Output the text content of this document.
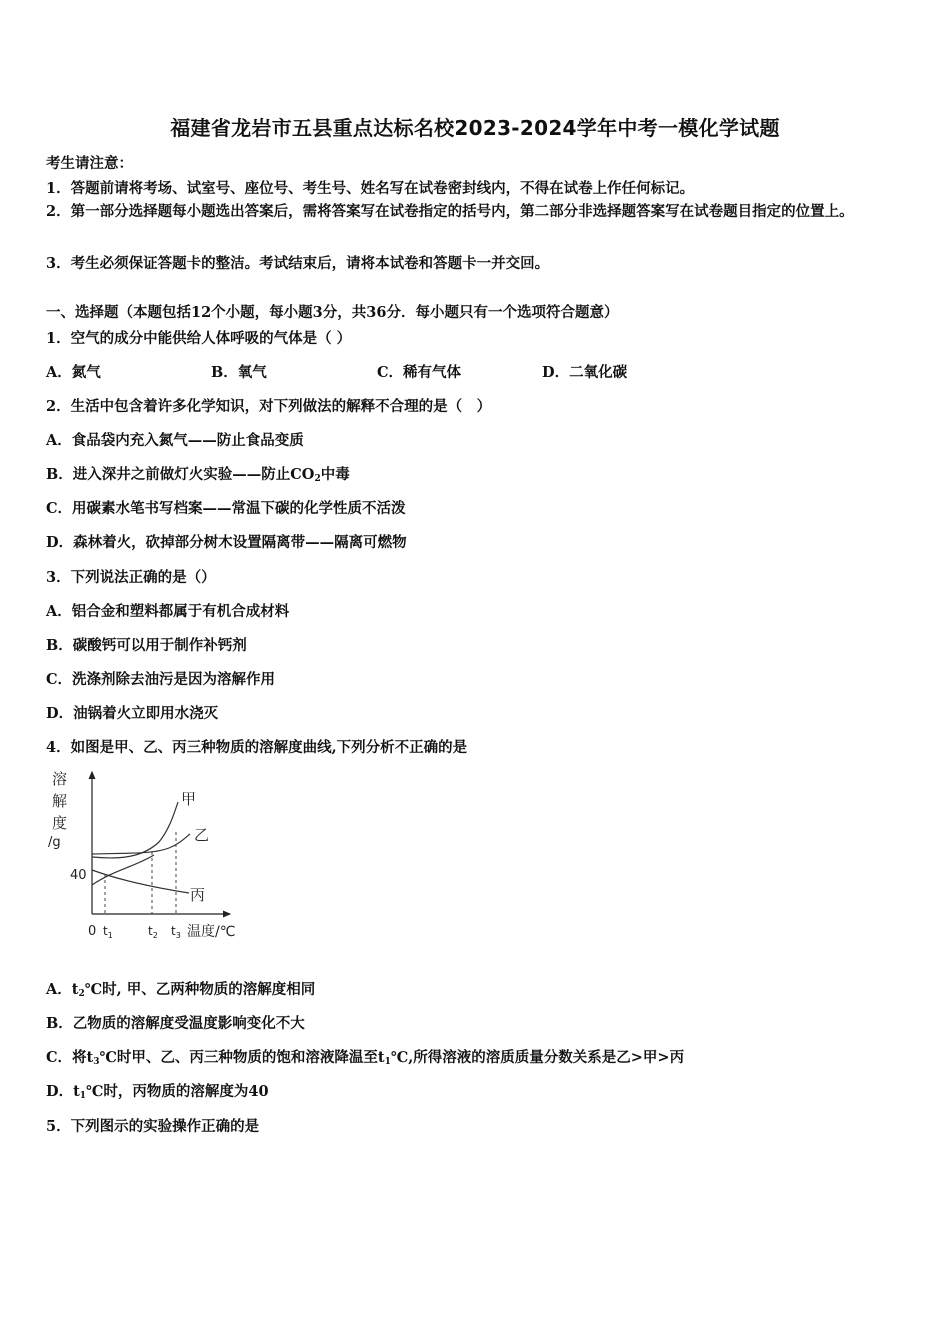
福建省龙岩市五县重点达标名校2023-2024学年中考一模化学试题
考生请注意：
1．答题前请将考场、试室号、座位号、考生号、姓名写在试卷密封线内，不得在试卷上作任何标记。
2．第一部分选择题每小题选出答案后，需将答案写在试卷指定的括号内，第二部分非选择题答案写在试卷题目指定的位置上。
3．考生必须保证答题卡的整洁。考试结束后，请将本试卷和答题卡一并交回。
一、选择题（本题包括12个小题，每小题3分，共36分．每小题只有一个选项符合题意）
1．空气的成分中能供给人体呼吸的气体是（ ）
A．氮气	B．氧气	C．稀有气体	D．二氧化碳
2．生活中包含着许多化学知识，对下列做法的解释不合理的是（　）
A．食品袋内充入氮气——防止食品变质
B．进入深井之前做灯火实验——防止$CO_2$中毒
C．用碳素水笔书写档案——常温下碳的化学性质不活泼
D．森林着火，砍掉部分树木设置隔离带——隔离可燃物
3．下列说法正确的是（）
A．铝合金和塑料都属于有机合成材料
B．碳酸钙可以用于制作补钙剂
C．洗涤剂除去油污是因为溶解作用
D．油锅着火立即用水浇灭
4．如图是甲、乙、丙三种物质的溶解度曲线,下列分析不正确的是
溶
解
度
/g
40
甲
乙
丙
0 $t_1$	$t_2$ $t_3$ 温度/℃
A．$t_2℃$时, 甲、乙两种物质的溶解度相同
B．乙物质的溶解度受温度影响变化不大
C．将$t_3℃$时甲、乙、丙三种物质的饱和溶液降温至$t_1℃$,所得溶液的溶质质量分数关系是乙>甲>丙
D．$t_1℃$时，丙物质的溶解度为40
5．下列图示的实验操作正确的是
